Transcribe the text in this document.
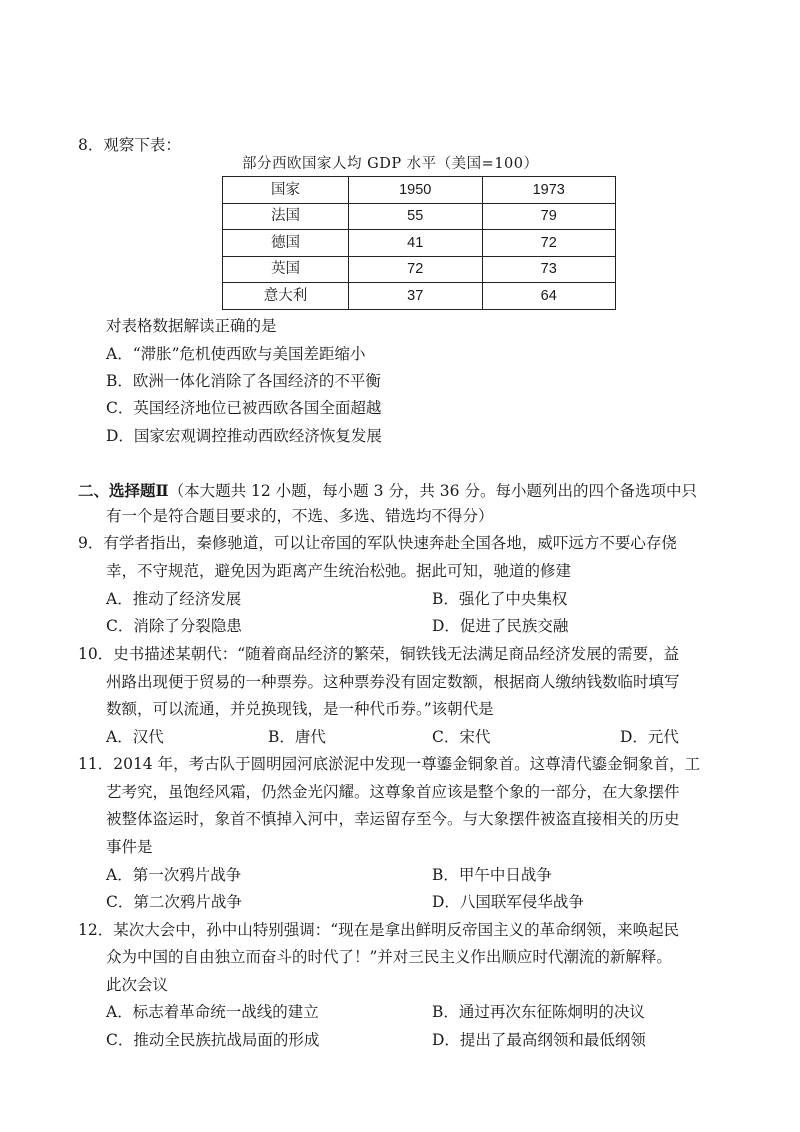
8．观察下表：
部分西欧国家人均 GDP 水平（美国=100）
国家	1950	1973
法国	55	79
德国	41	72
英国	72	73
意大利	37	64
对表格数据解读正确的是
A．“滞胀”危机使西欧与美国差距缩小
B．欧洲一体化消除了各国经济的不平衡
C．英国经济地位已被西欧各国全面超越
D．国家宏观调控推动西欧经济恢复发展
二、选择题Ⅱ（本大题共 12 小题，每小题 3 分，共 36 分。每小题列出的四个备选项中只
有一个是符合题目要求的，不选、多选、错选均不得分）
9．有学者指出，秦修驰道，可以让帝国的军队快速奔赴全国各地，威吓远方不要心存侥
幸，不守规范，避免因为距离产生统治松弛。据此可知，驰道的修建
A．推动了经济发展	B．强化了中央集权
C．消除了分裂隐患	D．促进了民族交融
10．史书描述某朝代：“随着商品经济的繁荣，铜铁钱无法满足商品经济发展的需要，益
州路出现便于贸易的一种票券。这种票券没有固定数额，根据商人缴纳钱数临时填写
数额，可以流通，并兑换现钱，是一种代币券。”该朝代是
A．汉代	B．唐代	C．宋代	D．元代
11．2014 年，考古队于圆明园河底淤泥中发现一尊鎏金铜象首。这尊清代鎏金铜象首，工
艺考究，虽饱经风霜，仍然金光闪耀。这尊象首应该是整个象的一部分，在大象摆件
被整体盗运时，象首不慎掉入河中，幸运留存至今。与大象摆件被盗直接相关的历史
事件是
A．第一次鸦片战争	B．甲午中日战争
C．第二次鸦片战争	D．八国联军侵华战争
12．某次大会中，孙中山特别强调：“现在是拿出鲜明反帝国主义的革命纲领，来唤起民
众为中国的自由独立而奋斗的时代了！”并对三民主义作出顺应时代潮流的新解释。
此次会议
A．标志着革命统一战线的建立	B．通过再次东征陈炯明的决议
C．推动全民族抗战局面的形成	D．提出了最高纲领和最低纲领
